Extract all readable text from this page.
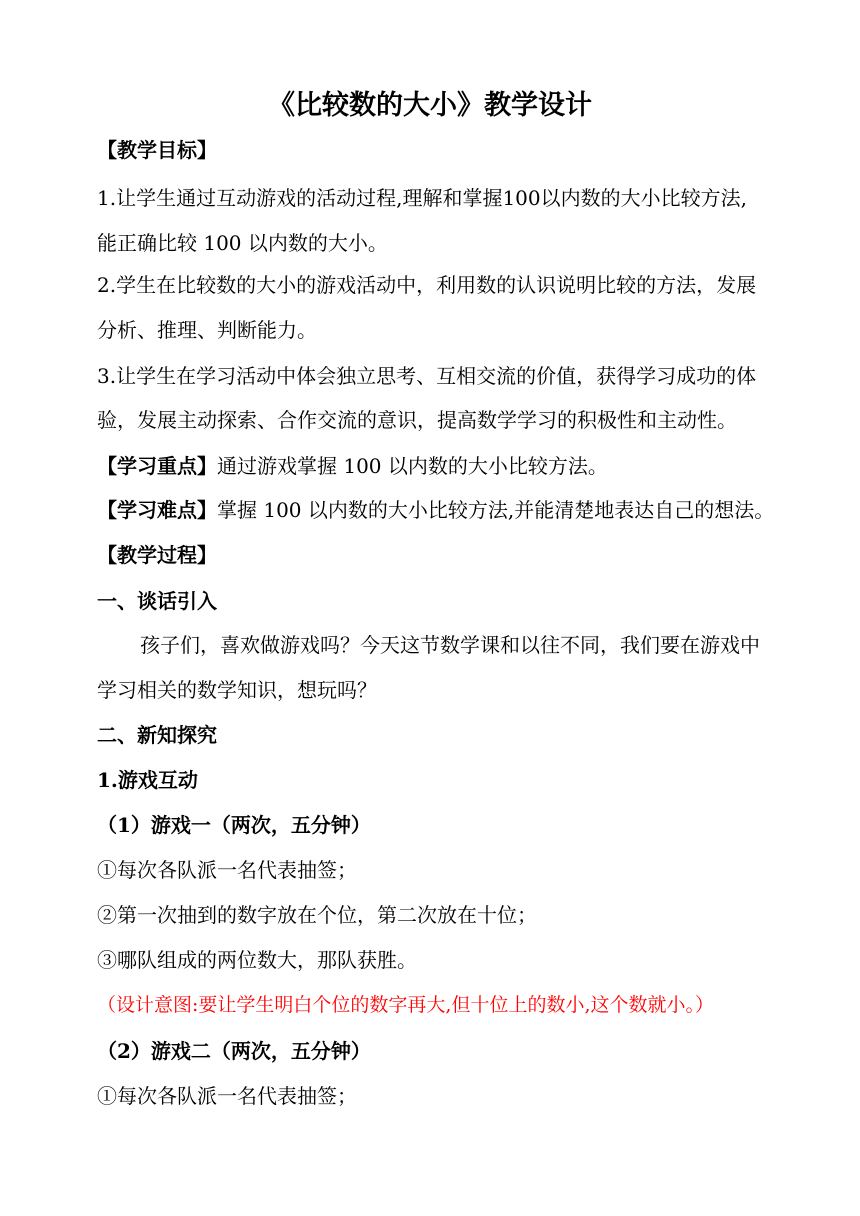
《比较数的大小》教学设计
【教学目标】
1.让学生通过互动游戏的活动过程,理解和掌握100以内数的大小比较方法,
能正确比较 100 以内数的大小。
2.学生在比较数的大小的游戏活动中，利用数的认识说明比较的方法，发展
分析、推理、判断能力。
3.让学生在学习活动中体会独立思考、互相交流的价值，获得学习成功的体
验，发展主动探索、合作交流的意识，提高数学学习的积极性和主动性。
【学习重点】通过游戏掌握 100 以内数的大小比较方法。
【学习难点】掌握 100 以内数的大小比较方法,并能清楚地表达自己的想法。
【教学过程】
一、谈话引入
孩子们，喜欢做游戏吗？今天这节数学课和以往不同，我们要在游戏中
学习相关的数学知识，想玩吗？
二、新知探究
1.游戏互动
（1）游戏一（两次，五分钟）
①每次各队派一名代表抽签；
②第一次抽到的数字放在个位，第二次放在十位；
③哪队组成的两位数大，那队获胜。
（设计意图:要让学生明白个位的数字再大,但十位上的数小,这个数就小。）
（2）游戏二（两次，五分钟）
①每次各队派一名代表抽签；
